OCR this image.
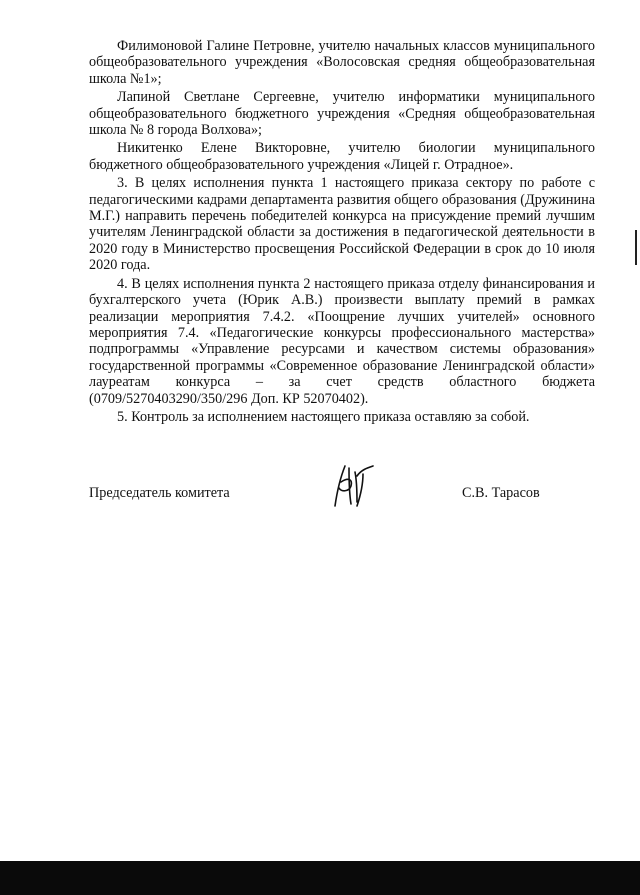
Филимоновой Галине Петровне, учителю начальных классов муниципального общеобразовательного учреждения «Волосовская средняя общеобразовательная школа №1»;

Лапиной Светлане Сергеевне, учителю информатики муниципального общеобразовательного бюджетного учреждения «Средняя общеобразовательная школа № 8 города Волхова»;

Никитенко Елене Викторовне, учителю биологии муниципального бюджетного общеобразовательного учреждения «Лицей г. Отрадное».

3. В целях исполнения пункта 1 настоящего приказа сектору по работе с педагогическими кадрами департамента развития общего образования (Дружинина М.Г.) направить перечень победителей конкурса на присуждение премий лучшим учителям Ленинградской области за достижения в педагогической деятельности в 2020 году в Министерство просвещения Российской Федерации в срок до 10 июля 2020 года.

4. В целях исполнения пункта 2 настоящего приказа отделу финансирования и бухгалтерского учета (Юрик А.В.) произвести выплату премий в рамках реализации мероприятия 7.4.2. «Поощрение лучших учителей» основного мероприятия 7.4. «Педагогические конкурсы профессионального мастерства» подпрограммы «Управление ресурсами и качеством системы образования» государственной программы «Современное образование Ленинградской области» лауреатам конкурса – за счет средств областного бюджета (0709/5270403290/350/296 Доп. КР 52070402).

5. Контроль за исполнением настоящего приказа оставляю за собой.

Председатель комитета	С.В. Тарасов
